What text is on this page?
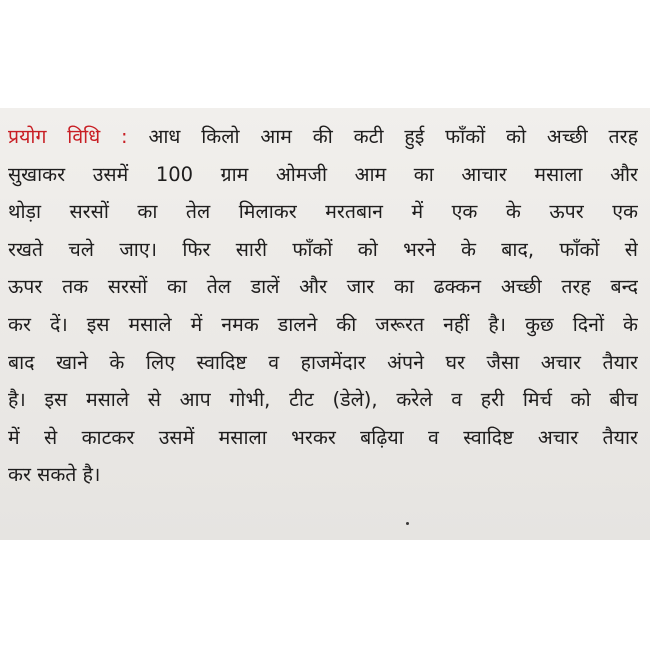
प्रयोग विधि : आध किलो आम की कटी हुई फाँकों को अच्छी तरह
सुखाकर उसमें 100 ग्राम ओमजी आम का आचार मसाला और
थोड़ा सरसों का तेल मिलाकर मरतबान में एक के ऊपर एक
रखते चले जाए। फिर सारी फाँकों को भरने के बाद, फाँकों से
ऊपर तक सरसों का तेल डालें और जार का ढक्कन अच्छी तरह बन्द
कर दें। इस मसाले में नमक डालने की जरूरत नहीं है। कुछ दिनों के
बाद खाने के लिए स्वादिष्ट व हाजमेंदार अंपने घर जैसा अचार तैयार
है। इस मसाले से आप गोभी, टीट (डेले), करेले व हरी मिर्च को बीच
में से काटकर उसमें मसाला भरकर बढ़िया व स्वादिष्ट अचार तैयार
कर सकते है।
